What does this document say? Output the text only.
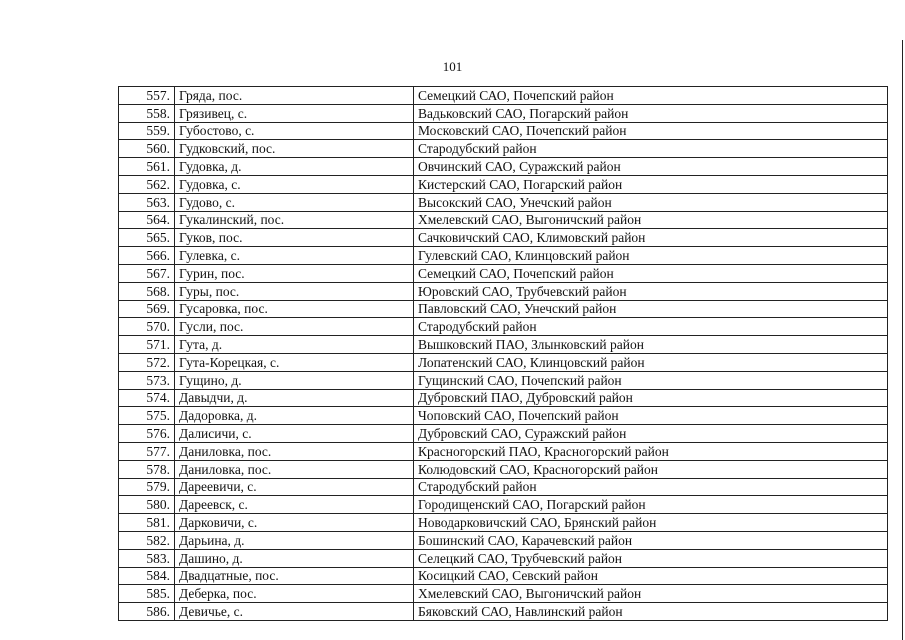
101
557.	Гряда, пос.	Семецкий САО, Почепский район
558.	Грязивец, с.	Вадьковский САО, Погарский район
559.	Губостово, с.	Московский САО, Почепский район
560.	Гудковский, пос.	Стародубский район
561.	Гудовка, д.	Овчинский САО, Суражский район
562.	Гудовка, с.	Кистерский САО, Погарский район
563.	Гудово, с.	Высокский САО, Унечский район
564.	Гукалинский, пос.	Хмелевский САО, Выгоничский район
565.	Гуков, пос.	Сачковичский САО, Климовский район
566.	Гулевка, с.	Гулевский САО, Клинцовский район
567.	Гурин, пос.	Семецкий САО, Почепский район
568.	Гуры, пос.	Юровский САО, Трубчевский район
569.	Гусаровка, пос.	Павловский САО, Унечский район
570.	Гусли, пос.	Стародубский район
571.	Гута, д.	Вышковский ПАО, Злынковский район
572.	Гута-Корецкая, с.	Лопатенский САО, Клинцовский район
573.	Гущино, д.	Гущинский САО, Почепский район
574.	Давыдчи, д.	Дубровский ПАО, Дубровский район
575.	Дадоровка, д.	Чоповский САО, Почепский район
576.	Далисичи, с.	Дубровский САО, Суражский район
577.	Даниловка, пос.	Красногорский ПАО, Красногорский район
578.	Даниловка, пос.	Колюдовский САО, Красногорский район
579.	Дареевичи, с.	Стародубский район
580.	Дареевск, с.	Городищенский САО, Погарский район
581.	Дарковичи, с.	Новодарковичский САО, Брянский район
582.	Дарьина, д.	Бошинский САО, Карачевский район
583.	Дашино, д.	Селецкий САО, Трубчевский район
584.	Двадцатные, пос.	Косицкий САО, Севский район
585.	Деберка, пос.	Хмелевский САО, Выгоничский район
586.	Девичье, с.	Бяковский САО, Навлинский район
